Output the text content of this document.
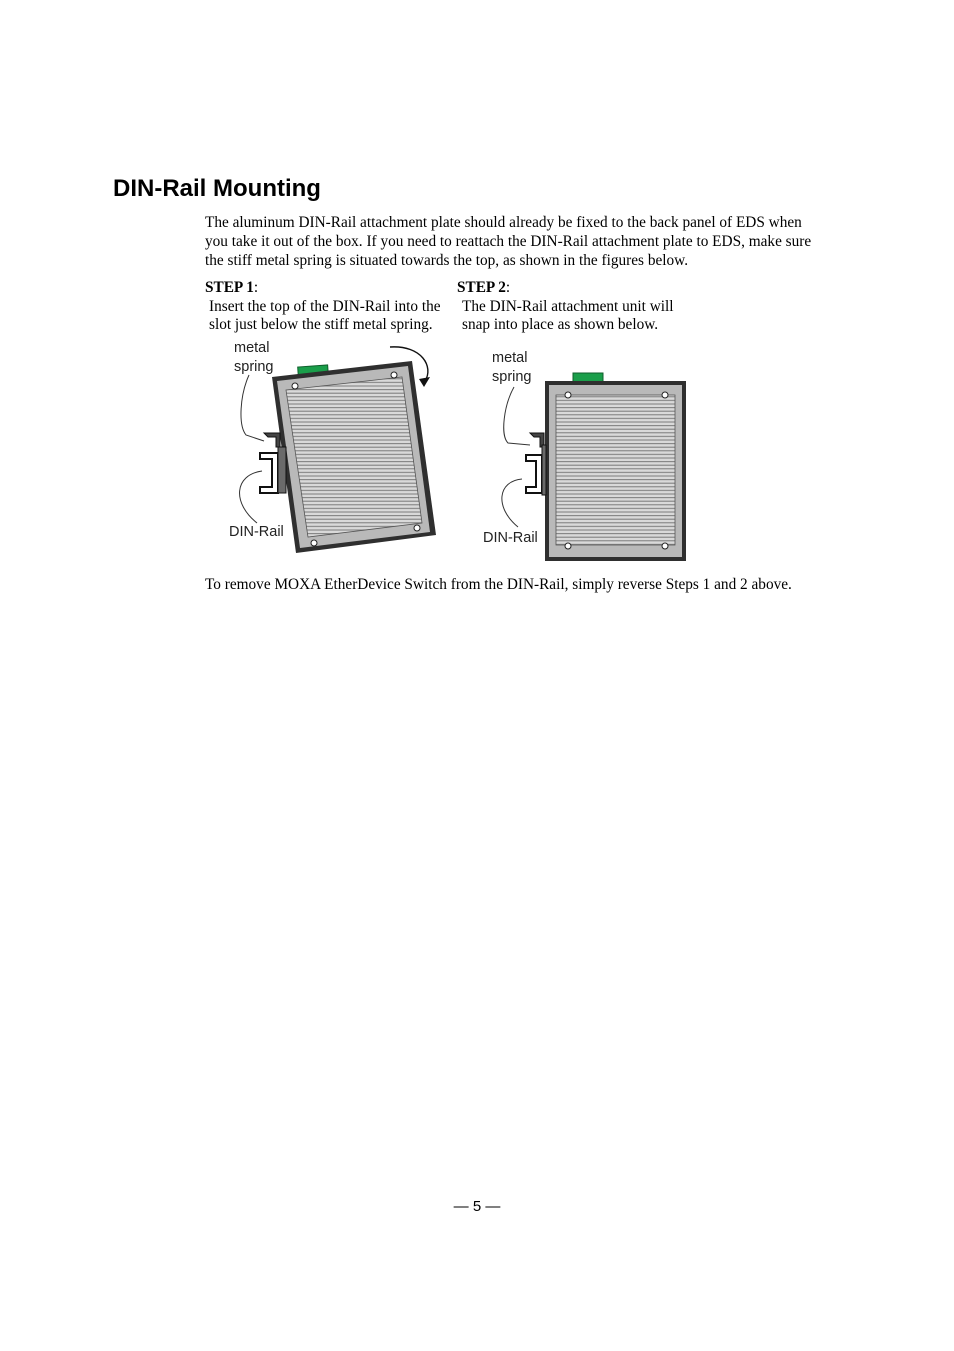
DIN-Rail Mounting

The aluminum DIN-Rail attachment plate should already be fixed to the back panel of EDS when
you take it out of the box. If you need to reattach the DIN-Rail attachment plate to EDS, make sure
the stiff metal spring is situated towards the top, as shown in the figures below.

STEP 1:	STEP 2:
Insert the top of the DIN-Rail into the
slot just below the stiff metal spring.
The DIN-Rail attachment unit will
snap into place as shown below.
metal
spring
DIN-Rail
metal
spring
DIN-Rail

To remove MOXA EtherDevice Switch from the DIN-Rail, simply reverse Steps 1 and 2 above.

— 5 —
